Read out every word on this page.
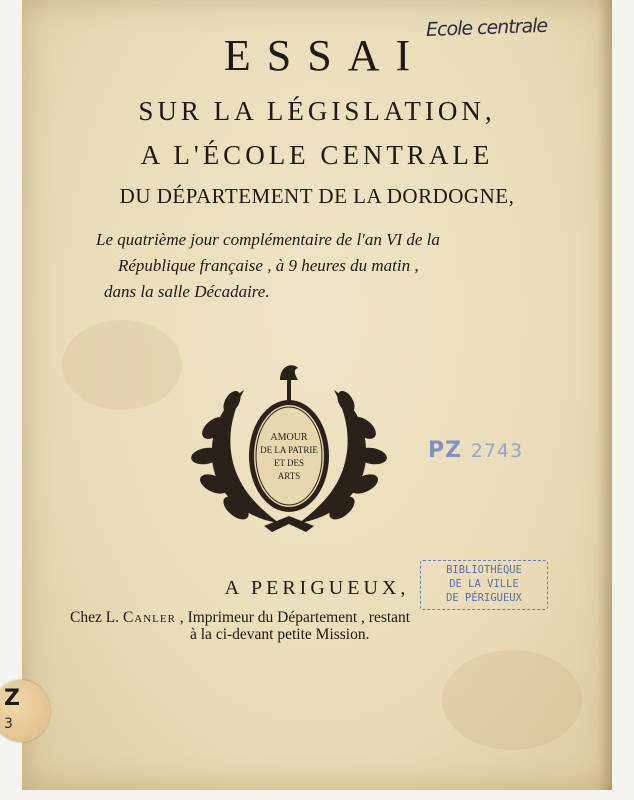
Ecole centrale
ESSAI
SUR LA LÉGISLATION,
A L'ÉCOLE CENTRALE
DU DÉPARTEMENT DE LA DORDOGNE,
Le quatrième jour complémentaire de l'an VI de la
République française , à 9 heures du matin ,
dans la salle Décadaire.
AMOUR
DE LA PATRIE
ET DES
ARTS
PZ 2743
BIBLIOTHÈQUE
DE LA VILLE
DE PÉRIGUEUX
A PERIGUEUX,
Chez L. Canler , Imprimeur du Département , restant
à la ci-devant petite Mission.
Z
3
